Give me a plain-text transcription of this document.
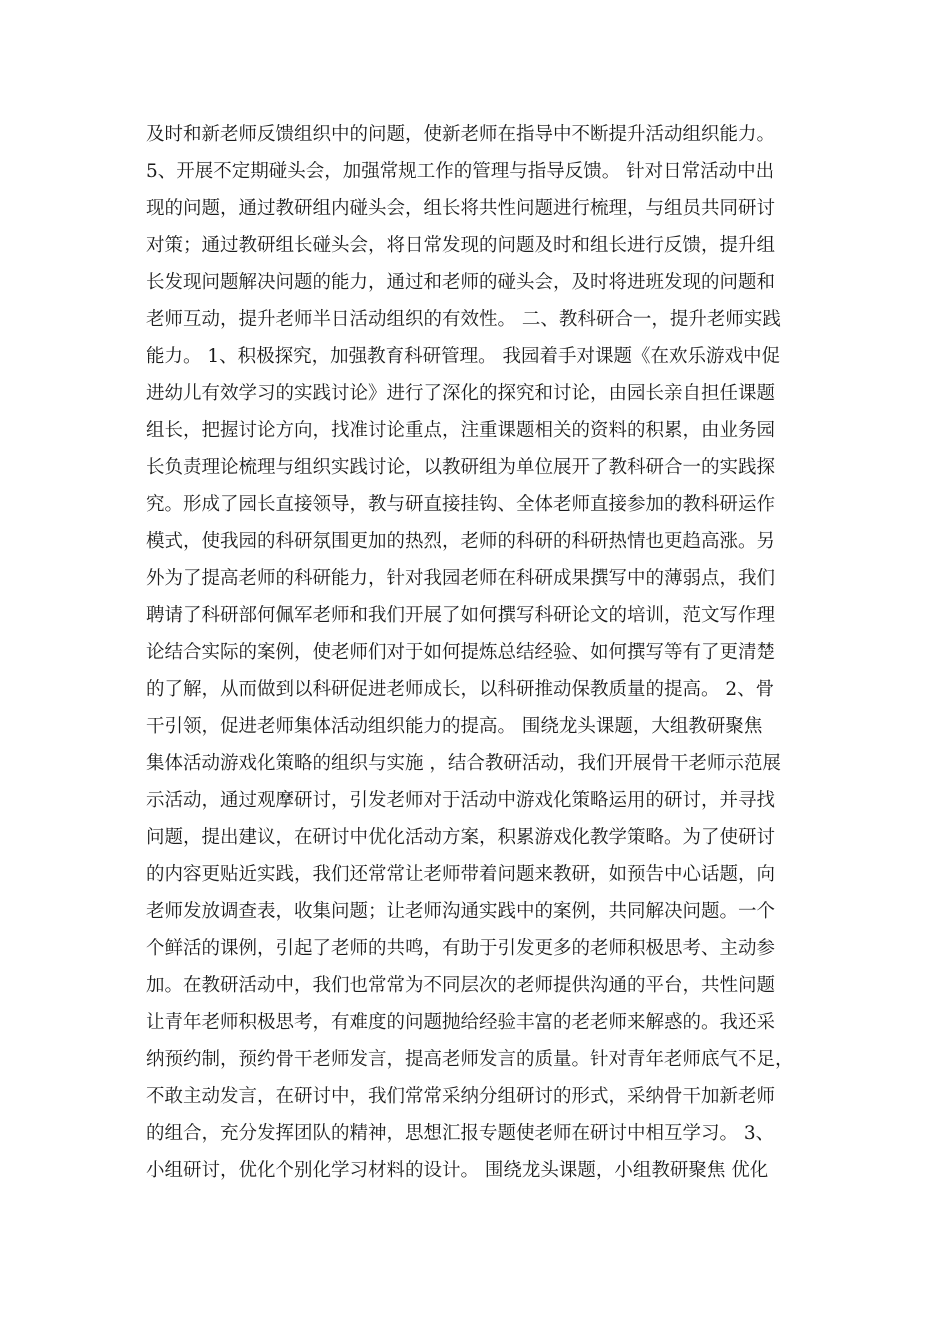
及时和新老师反馈组织中的问题，使新老师在指导中不断提升活动组织能力。
5、开展不定期碰头会，加强常规工作的管理与指导反馈。 针对日常活动中出
现的问题，通过教研组内碰头会，组长将共性问题进行梳理，与组员共同研讨
对策；通过教研组长碰头会，将日常发现的问题及时和组长进行反馈，提升组
长发现问题解决问题的能力，通过和老师的碰头会，及时将进班发现的问题和
老师互动，提升老师半日活动组织的有效性。 二、教科研合一，提升老师实践
能力。 1、积极探究，加强教育科研管理。 我园着手对课题《在欢乐游戏中促
进幼儿有效学习的实践讨论》进行了深化的探究和讨论，由园长亲自担任课题
组长，把握讨论方向，找准讨论重点，注重课题相关的资料的积累，由业务园
长负责理论梳理与组织实践讨论，以教研组为单位展开了教科研合一的实践探
究。形成了园长直接领导，教与研直接挂钩、全体老师直接参加的教科研运作
模式，使我园的科研氛围更加的热烈，老师的科研的科研热情也更趋高涨。另
外为了提高老师的科研能力，针对我园老师在科研成果撰写中的薄弱点，我们
聘请了科研部何佩军老师和我们开展了如何撰写科研论文的培训，范文写作理
论结合实际的案例，使老师们对于如何提炼总结经验、如何撰写等有了更清楚
的了解，从而做到以科研促进老师成长，以科研推动保教质量的提高。 2、骨
干引领，促进老师集体活动组织能力的提高。 围绕龙头课题，大组教研聚焦
集体活动游戏化策略的组织与实施 ，结合教研活动，我们开展骨干老师示范展
示活动，通过观摩研讨，引发老师对于活动中游戏化策略运用的研讨，并寻找
问题，提出建议，在研讨中优化活动方案，积累游戏化教学策略。为了使研讨
的内容更贴近实践，我们还常常让老师带着问题来教研，如预告中心话题，向
老师发放调查表，收集问题；让老师沟通实践中的案例，共同解决问题。一个
个鲜活的课例，引起了老师的共鸣，有助于引发更多的老师积极思考、主动参
加。在教研活动中，我们也常常为不同层次的老师提供沟通的平台，共性问题
让青年老师积极思考，有难度的问题抛给经验丰富的老老师来解惑的。我还采
纳预约制，预约骨干老师发言，提高老师发言的质量。针对青年老师底气不足，
不敢主动发言，在研讨中，我们常常采纳分组研讨的形式，采纳骨干加新老师
的组合，充分发挥团队的精神，思想汇报专题使老师在研讨中相互学习。 3、
小组研讨，优化个别化学习材料的设计。 围绕龙头课题，小组教研聚焦 优化
